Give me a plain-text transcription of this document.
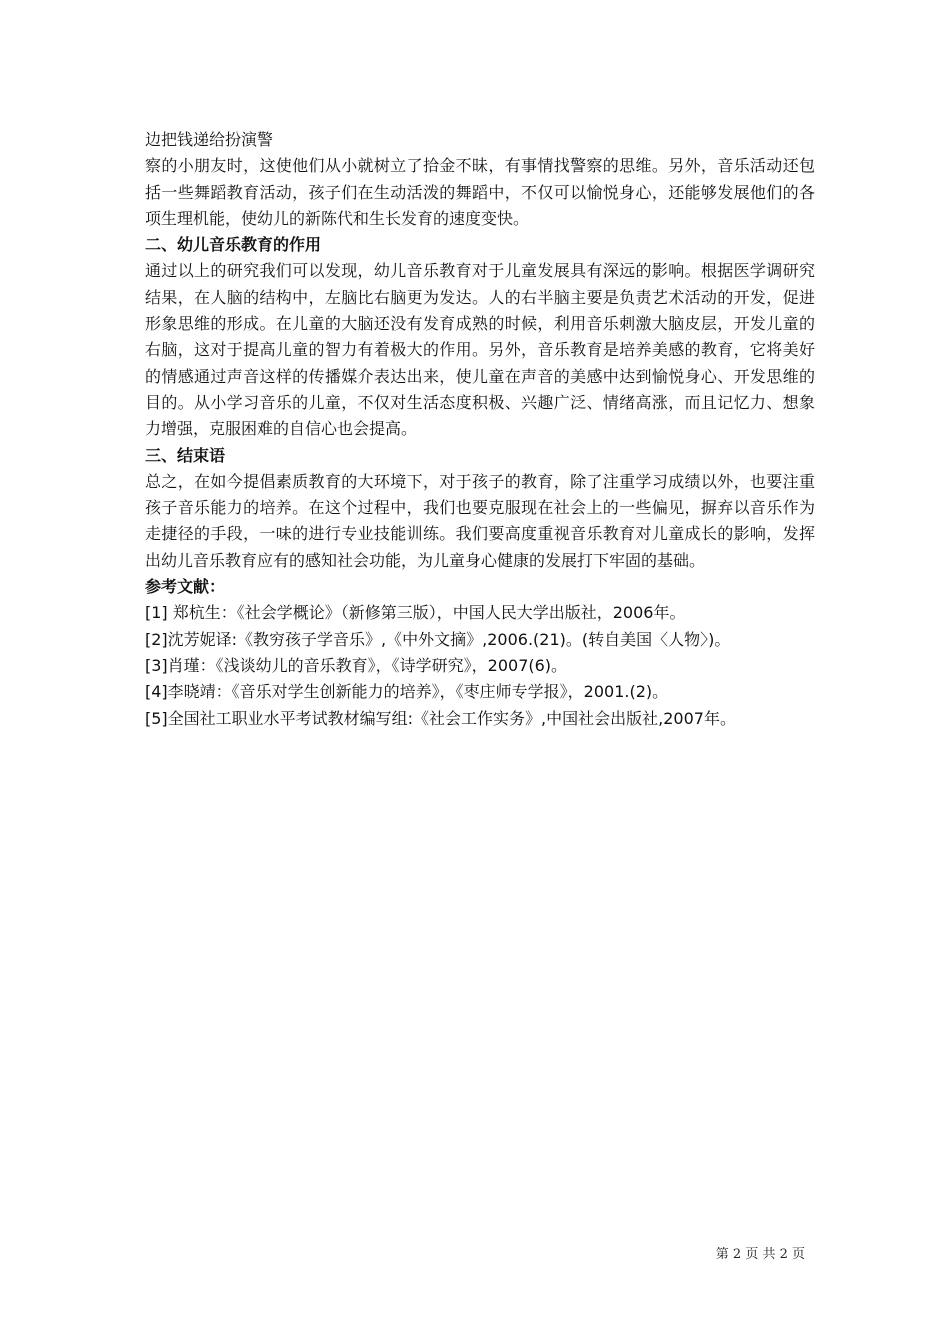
边把钱递给扮演警

察的小朋友时，这使他们从小就树立了拾金不昧，有事情找警察的思维。另外，音乐活动还包括一些舞蹈教育活动，孩子们在生动活泼的舞蹈中，不仅可以愉悦身心，还能够发展他们的各项生理机能，使幼儿的新陈代和生长发育的速度变快。

二、幼儿音乐教育的作用

通过以上的研究我们可以发现，幼儿音乐教育对于儿童发展具有深远的影响。根据医学调研究结果，在人脑的结构中，左脑比右脑更为发达。人的右半脑主要是负责艺术活动的开发，促进形象思维的形成。在儿童的大脑还没有发育成熟的时候，利用音乐刺激大脑皮层，开发儿童的右脑，这对于提高儿童的智力有着极大的作用。另外，音乐教育是培养美感的教育，它将美好的情感通过声音这样的传播媒介表达出来，使儿童在声音的美感中达到愉悦身心、开发思维的目的。从小学习音乐的儿童，不仅对生活态度积极、兴趣广泛、情绪高涨，而且记忆力、想象力增强，克服困难的自信心也会提高。

三、结束语

总之，在如今提倡素质教育的大环境下，对于孩子的教育，除了注重学习成绩以外，也要注重孩子音乐能力的培养。在这个过程中，我们也要克服现在社会上的一些偏见，摒弃以音乐作为走捷径的手段，一味的进行专业技能训练。我们要高度重视音乐教育对儿童成长的影响，发挥出幼儿音乐教育应有的感知社会功能，为儿童身心健康的发展打下牢固的基础。

参考文献：
[1] 郑杭生：《社会学概论》（新修第三版），中国人民大学出版社，2006年。
[2]沈芳妮译:《教穷孩子学音乐》,《中外文摘》,2006.(21)。(转自美国〈人物〉)。
[3]肖瑾：《浅谈幼儿的音乐教育》，《诗学研究》，2007(6)。
[4]李晓靖：《音乐对学生创新能力的培养》，《枣庄师专学报》，2001.(2)。
[5]全国社工职业水平考试教材编写组:《社会工作实务》,中国社会出版社,2007年。
第 2 页 共 2 页
